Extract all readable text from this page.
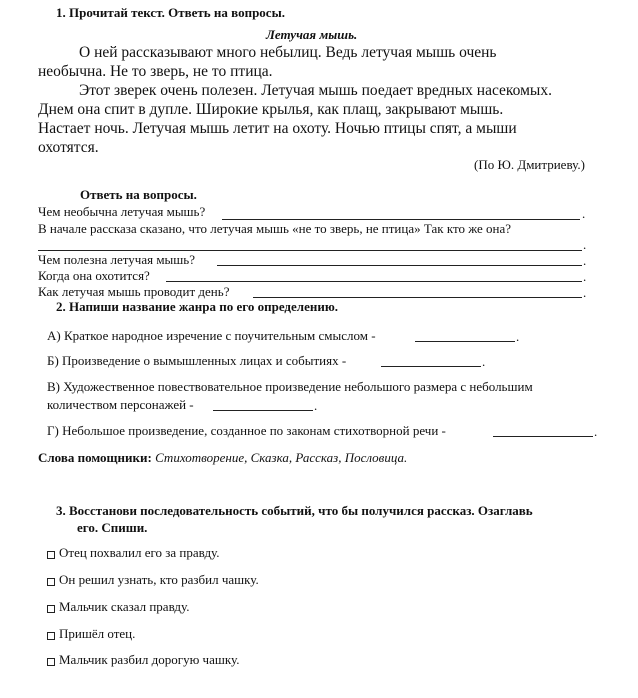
1. Прочитай текст. Ответь на вопросы.
Летучая мышь.
О ней рассказывают много небылиц. Ведь летучая мышь очень
необычна. Не то зверь, не то птица.
Этот зверек очень полезен. Летучая мышь поедает вредных насекомых.
Днем она спит в дупле. Широкие крылья, как плащ, закрывают мышь.
Настает ночь. Летучая мышь летит на охоту. Ночью птицы спят, а мыши
охотятся.
(По Ю. Дмитриеву.)
Ответь на вопросы.
Чем необычна летучая мышь?	.
В начале рассказа сказано, что летучая мышь «не то зверь, не птица» Так кто же она?
.
Чем полезна летучая мышь?	.
Когда она охотится?	.
Как летучая мышь проводит день?	.
2. Напиши название жанра по его определению.
А) Краткое народное изречение с поучительным смыслом -	.
Б) Произведение о вымышленных лицах и событиях -	.
В) Художественное повествовательное произведение небольшого размера с небольшим
количеством персонажей -	.
Г) Небольшое произведение, созданное по законам стихотворной речи -	.
Слова помощники: Стихотворение, Сказка, Рассказ, Пословица.
3. Восстанови последовательность событий, что бы получился рассказ. Озаглавь
его. Спиши.
Отец похвалил его за правду.
Он решил узнать, кто разбил чашку.
Мальчик сказал правду.
Пришёл отец.
Мальчик разбил дорогую чашку.
